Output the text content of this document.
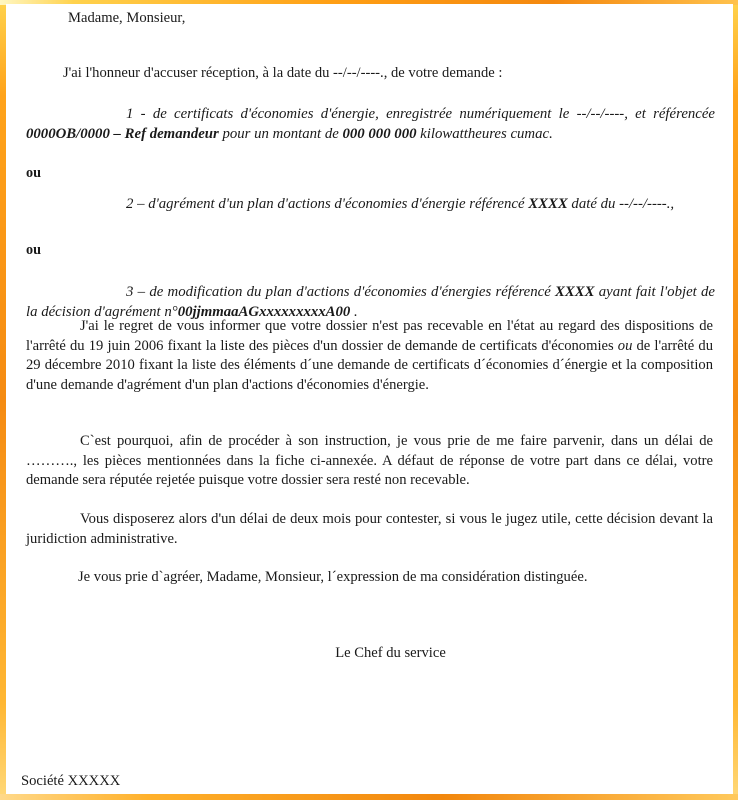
Madame, Monsieur,

J'ai l'honneur d'accuser réception, à la date du --/--/----., de votre demande :

1 - de certificats d'économies d'énergie, enregistrée numériquement le --/--/----, et référencée 0000OB/0000 – Ref demandeur pour un montant de 000 000 000 kilowattheures cumac.

ou

2 – d'agrément d'un plan d'actions d'économies d'énergie référencé XXXX daté du --/--/----.,

ou

3 – de modification du plan d'actions d'économies d'énergies référencé XXXX ayant fait l'objet de la décision d'agrément n°00jjmmaaAGxxxxxxxxxA00 .

J'ai le regret de vous informer que votre dossier n'est pas recevable en l'état au regard des dispositions de l'arrêté du 19 juin 2006 fixant la liste des pièces d'un dossier de demande de certificats d'économies ou de l'arrêté du 29 décembre 2010 fixant la liste des éléments d´une demande de certificats d´économies d´énergie et la composition d'une demande d'agrément d'un plan d'actions d'économies d'énergie.

C`est pourquoi, afin de procéder à son instruction, je vous prie de me faire parvenir, dans un délai de ………., les pièces mentionnées dans la fiche ci-annexée. A défaut de réponse de votre part dans ce délai, votre demande sera réputée rejetée puisque votre dossier sera resté non recevable.

Vous disposerez alors d'un délai de deux mois pour contester, si vous le jugez utile, cette décision devant la juridiction administrative.

Je vous prie d`agréer, Madame, Monsieur, l´expression de ma considération distinguée.

Le Chef du service

Société XXXXX
